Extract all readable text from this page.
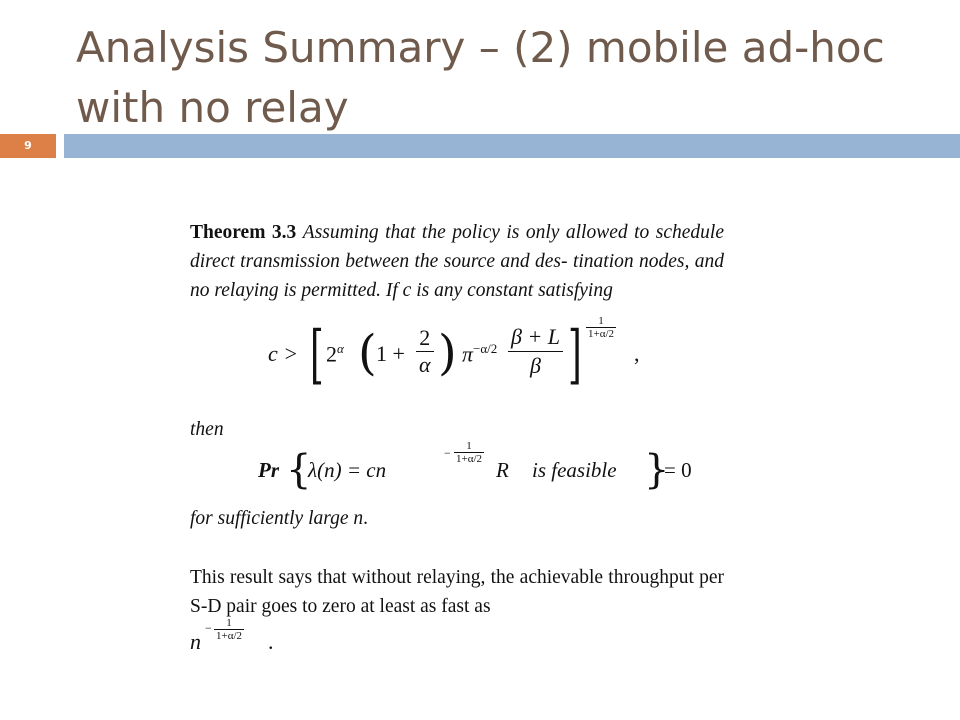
Analysis Summary – (2) mobile ad-hoc with no relay
9

Theorem 3.3 Assuming that the policy is only allowed to schedule direct transmission between the source and des- tination nodes, and no relaying is permitted. If c is any constant satisfying

c > [ $2^\alpha$ ( $1 + \frac{2}{\alpha}$ ) $\pi^{-\alpha/2} \frac{\beta + L}{\beta}$ ] $\frac{1}{1+\alpha/2}$
,

then

Pr {
λ(n) = cn
− $\frac{1}{1+\alpha/2}$
R is feasible }
= 0

for sufficiently large n.

This result says that without relaying, the achievable throughput per S-D pair goes to zero at least as fast as

n
− $\frac{1}{1+\alpha/2}$ .
